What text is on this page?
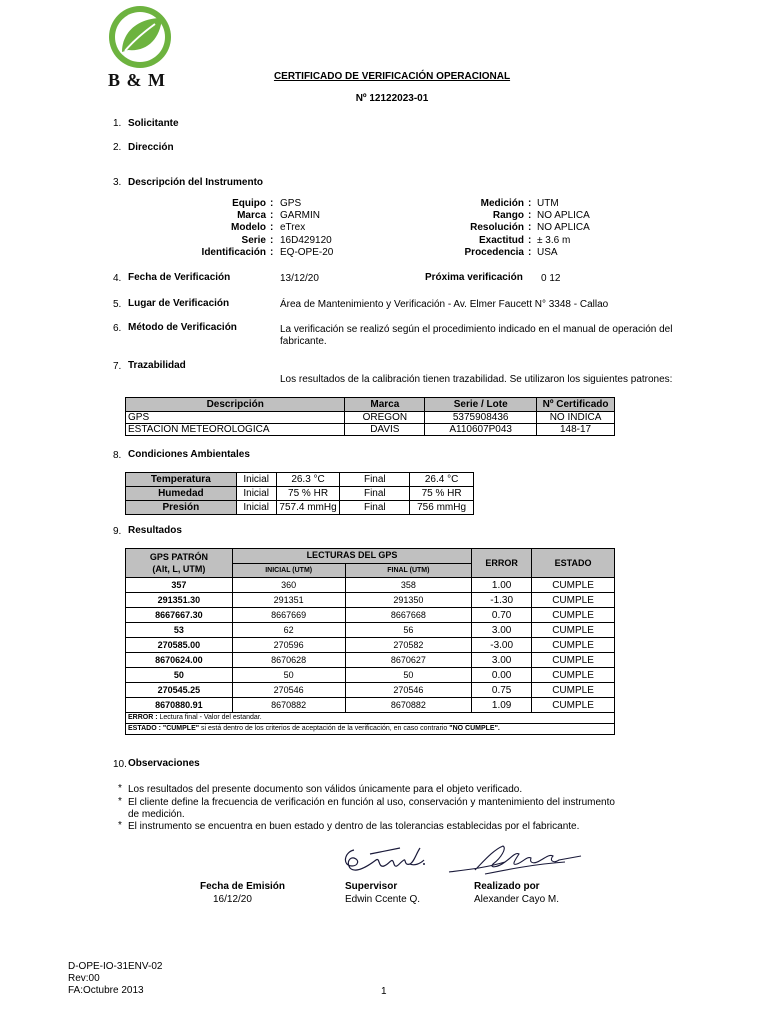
B & M	CERTIFICADO DE VERIFICACIÓN OPERACIONAL
Nº 12122023-01
1. Solicitante
2. Dirección
3. Descripción del Instrumento
Equipo : GPS
Marca : GARMIN
Modelo : eTrex
Serie : 16D429120
Identificación : EQ-OPE-20
Medición : UTM
Rango : NO APLICA
Resolución : NO APLICA
Exactitud : ± 3.6 m
Procedencia : USA
4. Fecha de Verificación	13/12/20	Próxima verificación 0 12
5. Lugar de Verificación	Área de Mantenimiento y Verificación - Av. Elmer Faucett N° 3348 - Callao
6. Método de Verificación	La verificación se realizó según el procedimiento indicado en el manual de operación del
fabricante.
7. Trazabilidad
Los resultados de la calibración tienen trazabilidad. Se utilizaron los siguientes patrones:
Descripción	Marca	Serie / Lote	Nº Certificado
GPS	OREGON	5375908436	NO INDICA
ESTACION METEOROLOGICA	DAVIS	A110607P043	148-17
8. Condiciones Ambientales
Temperatura	Inicial	26.3 °C	Final	26.4 °C
Humedad	Inicial	75 % HR	Final	75 % HR
Presión	Inicial	757.4 mmHg	Final	756 mmHg
9. Resultados
GPS PATRÓN
(Alt, L, UTM)	LECTURAS DEL GPS		ERROR	ESTADO
	INICIAL (UTM)	FINAL (UTM)		
357	360	358	1.00	CUMPLE
291351.30	291351	291350	-1.30	CUMPLE
8667667.30	8667669	8667668	0.70	CUMPLE
53	62	56	3.00	CUMPLE
270585.00	270596	270582	-3.00	CUMPLE
8670624.00	8670628	8670627	3.00	CUMPLE
50	50	50	0.00	CUMPLE
270545.25	270546	270546	0.75	CUMPLE
8670880.91	8670882	8670882	1.09	CUMPLE
ERROR : Lectura final - Valor del estandar.				
ESTADO : "CUMPLE" si está dentro de los criterios de aceptación de la verificación, en caso contrario "NO CUMPLE".				
10. Observaciones
* Los resultados del presente documento son válidos únicamente para el objeto verificado.
* El cliente define la frecuencia de verificación en función al uso, conservación y mantenimiento del instrumento
de medición.
* El instrumento se encuentra en buen estado y dentro de las tolerancias establecidas por el fabricante.
Fecha de Emisión
16/12/20
Supervisor
Edwin Ccente Q.
Realizado por
Alexander Cayo M.
D-OPE-IO-31ENV-02
Rev:00
FA:Octubre 2013	1
